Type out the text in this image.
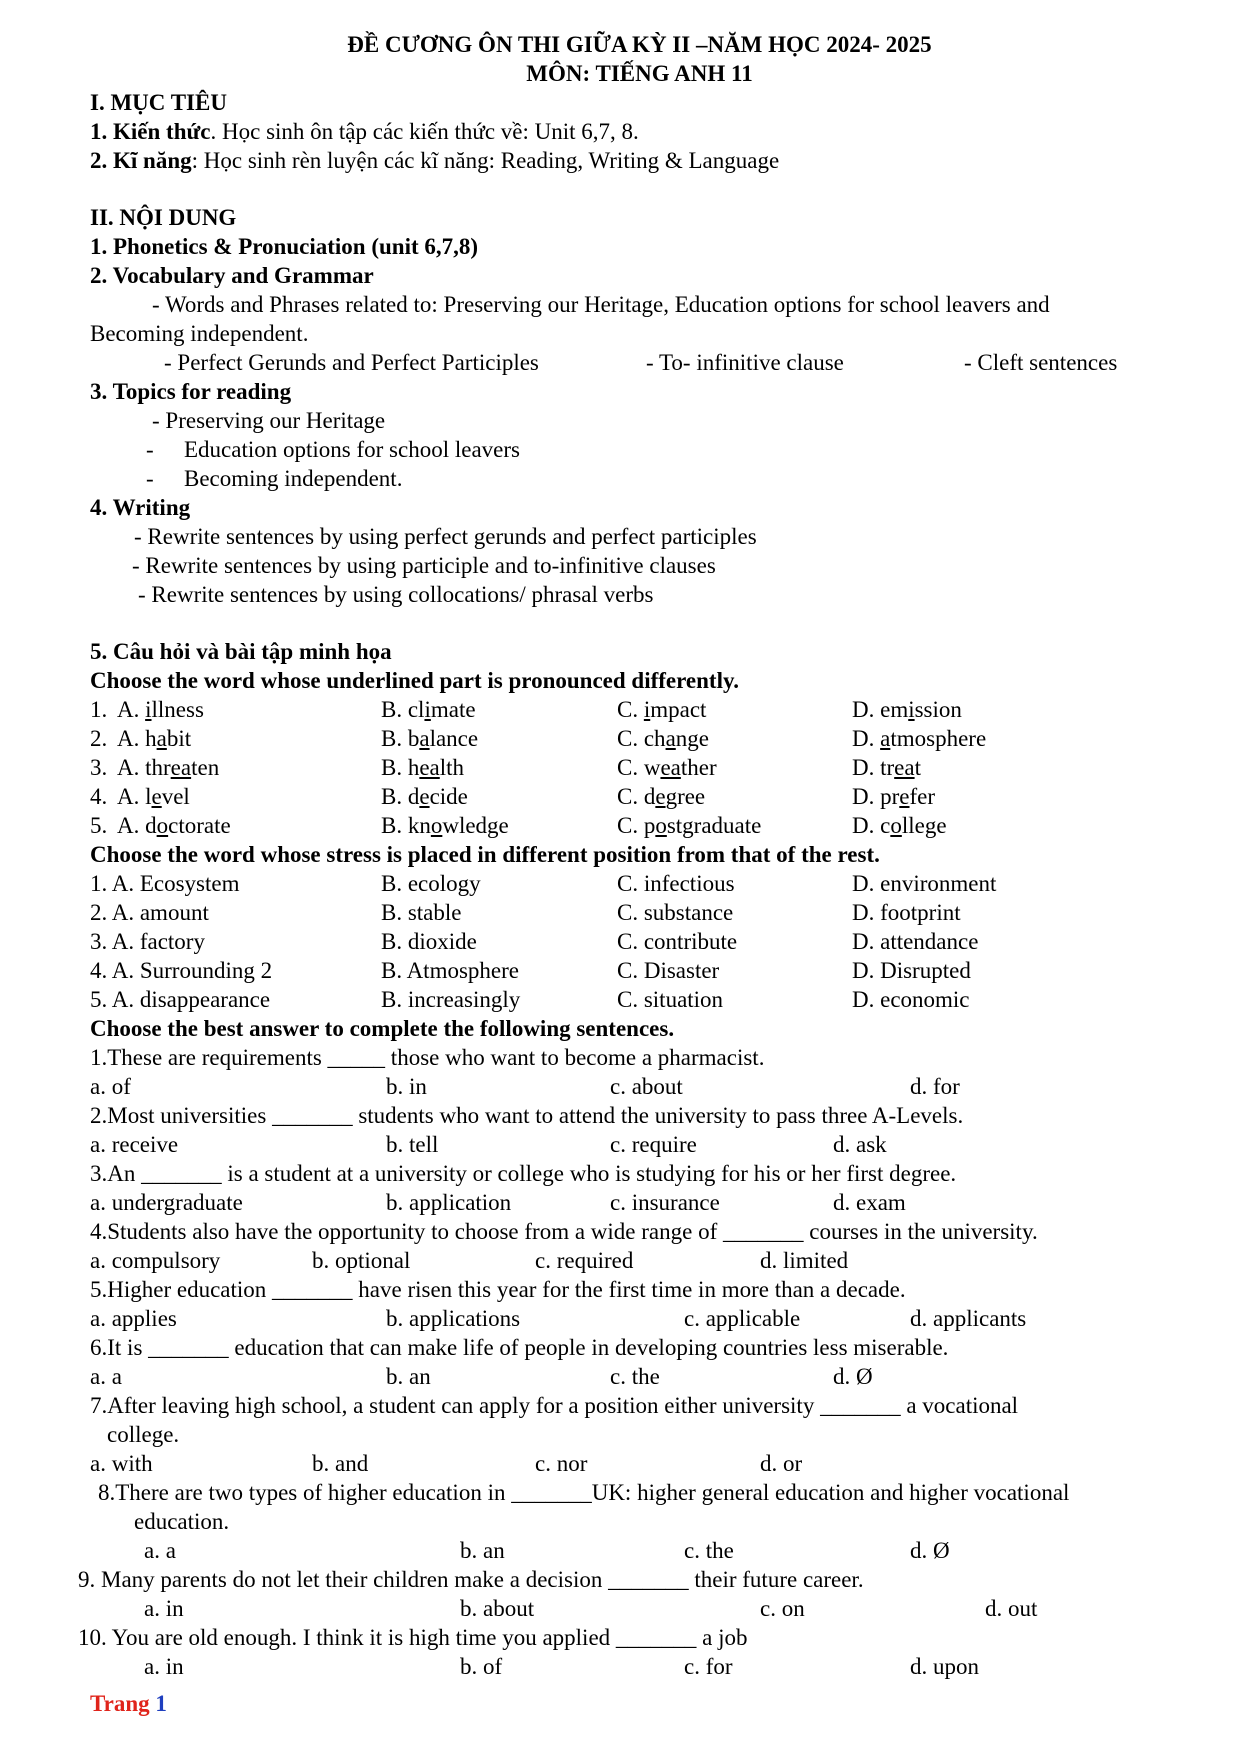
ĐỀ CƯƠNG ÔN THI GIỮA KỲ II –NĂM HỌC 2024- 2025
MÔN: TIẾNG ANH 11
I. MỤC TIÊU
1. Kiến thức. Học sinh ôn tập các kiến thức về: Unit 6,7, 8.
2. Kĩ năng: Học sinh rèn luyện các kĩ năng: Reading, Writing & Language
II. NỘI DUNG
1. Phonetics & Pronuciation (unit 6,7,8)
2. Vocabulary and Grammar
- Words and Phrases related to: Preserving our Heritage, Education options for school leavers and
Becoming independent.
- Perfect Gerunds and Perfect Participles	- To- infinitive clause	- Cleft sentences
3. Topics for reading
- Preserving our Heritage
- Education options for school leavers
- Becoming independent.
4. Writing
- Rewrite sentences by using perfect gerunds and perfect participles
- Rewrite sentences by using participle and to-infinitive clauses
- Rewrite sentences by using collocations/ phrasal verbs
5. Câu hỏi và bài tập minh họa
Choose the word whose underlined part is pronounced differently.
1. A. illness	B. climate	C. impact	D. emission
2. A. habit	B. balance	C. change	D. atmosphere
3. A. threaten	B. health	C. weather	D. treat
4. A. level	B. decide	C. degree	D. prefer
5. A. doctorate	B. knowledge	C. postgraduate	D. college
Choose the word whose stress is placed in different position from that of the rest.
1. A. Ecosystem	B. ecology	C. infectious	D. environment
2. A. amount	B. stable	C. substance	D. footprint
3. A. factory	B. dioxide	C. contribute	D. attendance
4. A. Surrounding 2	B. Atmosphere	C. Disaster	D. Disrupted
5. A. disappearance	B. increasingly	C. situation	D. economic
Choose the best answer to complete the following sentences.
1.These are requirements _____ those who want to become a pharmacist.
a. of	b. in	c. about	d. for
2.Most universities _______ students who want to attend the university to pass three A-Levels.
a. receive	b. tell	c. require	d. ask
3.An _______ is a student at a university or college who is studying for his or her first degree.
a. undergraduate	b. application	c. insurance	d. exam
4.Students also have the opportunity to choose from a wide range of _______ courses in the university.
a. compulsory	b. optional	c. required	d. limited
5.Higher education _______ have risen this year for the first time in more than a decade.
a. applies	b. applications	c. applicable	d. applicants
6.It is _______ education that can make life of people in developing countries less miserable.
a. a	b. an	c. the	d. Ø
7.After leaving high school, a student can apply for a position either university _______ a vocational
college.
a. with	b. and	c. nor	d. or
8.There are two types of higher education in _______UK: higher general education and higher vocational
education.
a. a	b. an	c. the	d. Ø
9. Many parents do not let their children make a decision _______ their future career.
a. in	b. about	c. on	d. out
10. You are old enough. I think it is high time you applied _______ a job
a. in	b. of	c. for	d. upon
Trang 1
